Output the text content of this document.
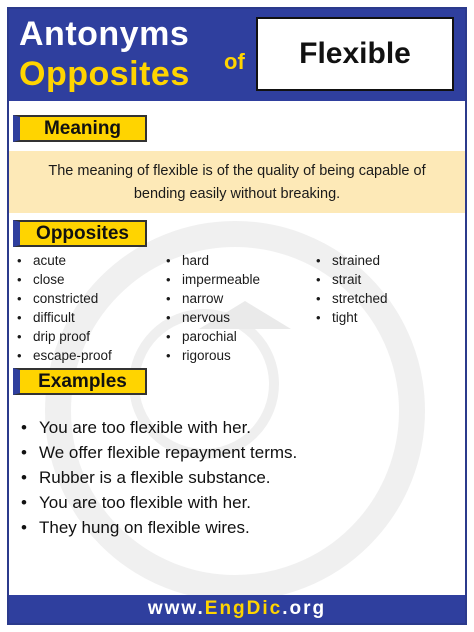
Antonyms
Opposites of Flexible
Meaning
The meaning of flexible is of the quality of being capable of
bending easily without breaking.
Opposites
• acute
• close
• constricted
• difficult
• drip proof
• escape-proof
• hard
• impermeable
• narrow
• nervous
• parochial
• rigorous
• strained
• strait
• stretched
• tight
Examples
• You are too flexible with her.
• We offer flexible repayment terms.
• Rubber is a flexible substance.
• You are too flexible with her.
• They hung on flexible wires.
www. EngDic .org
